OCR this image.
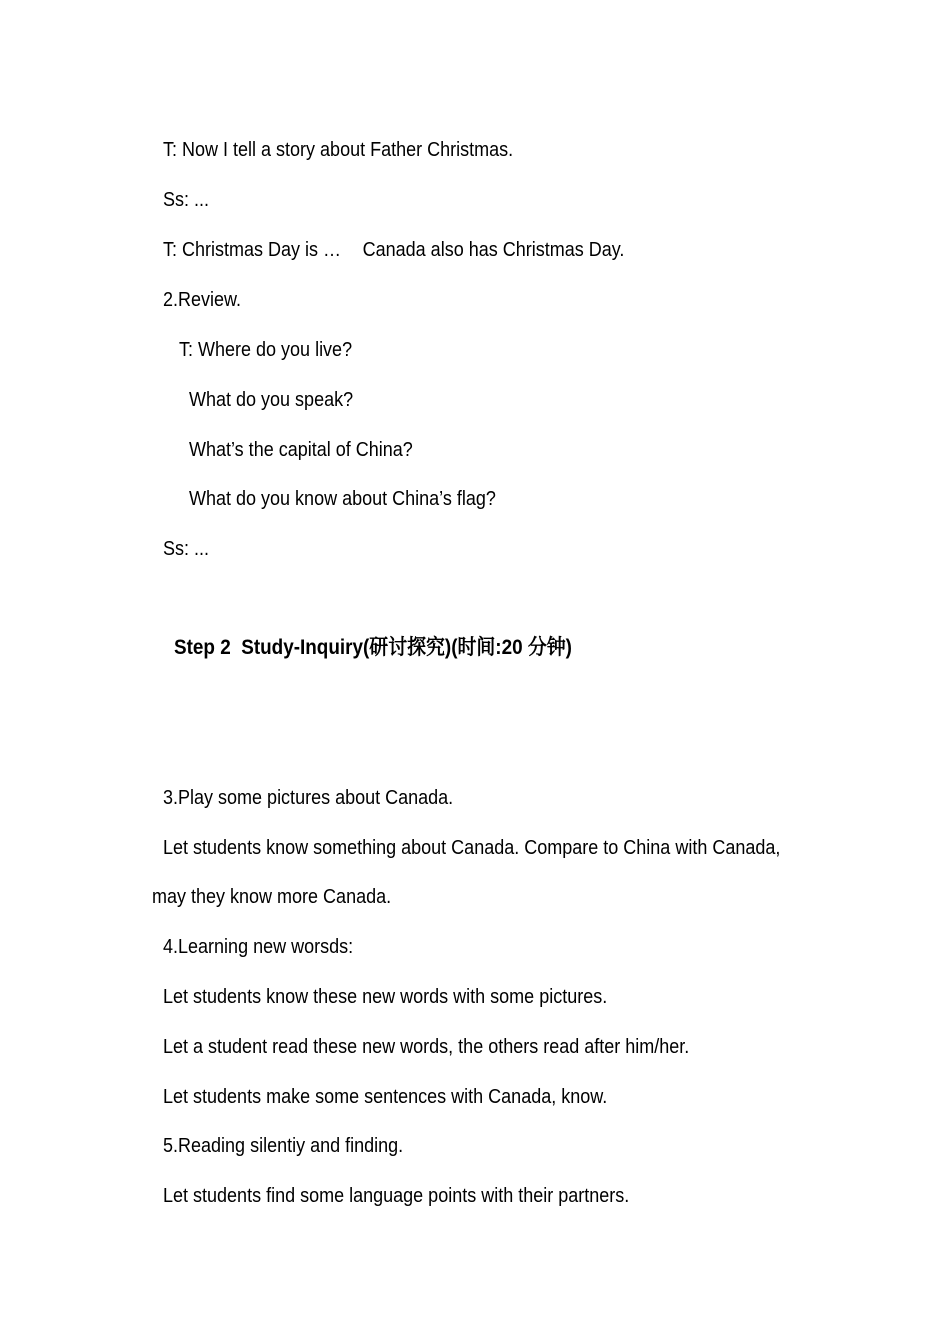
T: Now I tell a story about Father Christmas.
Ss: ...
T: Christmas Day is … Canada also has Christmas Day.
2.Review.
T: Where do you live?
What do you speak?
What’s the capital of China?
What do you know about China’s flag?
Ss: ...
Step 2  Study-Inquiry(研讨探究)(时间:20 分钟)
3.Play some pictures about Canada.
Let students know something about Canada. Compare to China with Canada,
may they know more Canada.
4.Learning new worsds:
Let students know these new words with some pictures.
Let a student read these new words, the others read after him/her.
Let students make some sentences with Canada, know.
5.Reading silentiy and finding.
Let students find some language points with their partners.
